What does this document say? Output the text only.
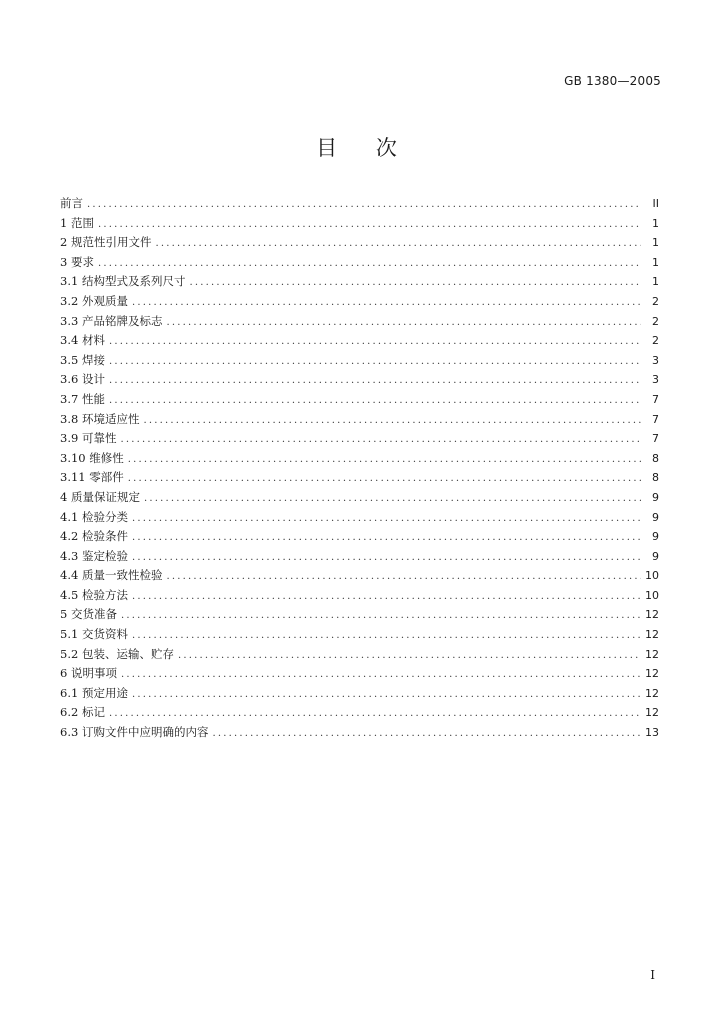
GB 1380—2005
目 次
前言 .....	II
1 范围 .....	1
2 规范性引用文件 .....	1
3 要求 .....	1
3.1 结构型式及系列尺寸 .....	1
3.2 外观质量 .....	2
3.3 产品铭牌及标志 .....	2
3.4 材料 .....	2
3.5 焊接 .....	3
3.6 设计 .....	3
3.7 性能 .....	7
3.8 环境适应性 .....	7
3.9 可靠性 .....	7
3.10 维修性 .....	8
3.11 零部件 .....	8
4 质量保证规定 .....	9
4.1 检验分类 .....	9
4.2 检验条件 .....	9
4.3 鉴定检验 .....	9
4.4 质量一致性检验 .....	10
4.5 检验方法 .....	10
5 交货准备 .....	12
5.1 交货资料 .....	12
5.2 包装、运输、贮存 .....	12
6 说明事项 .....	12
6.1 预定用途 .....	12
6.2 标记 .....	12
6.3 订购文件中应明确的内容 .....	13
I
